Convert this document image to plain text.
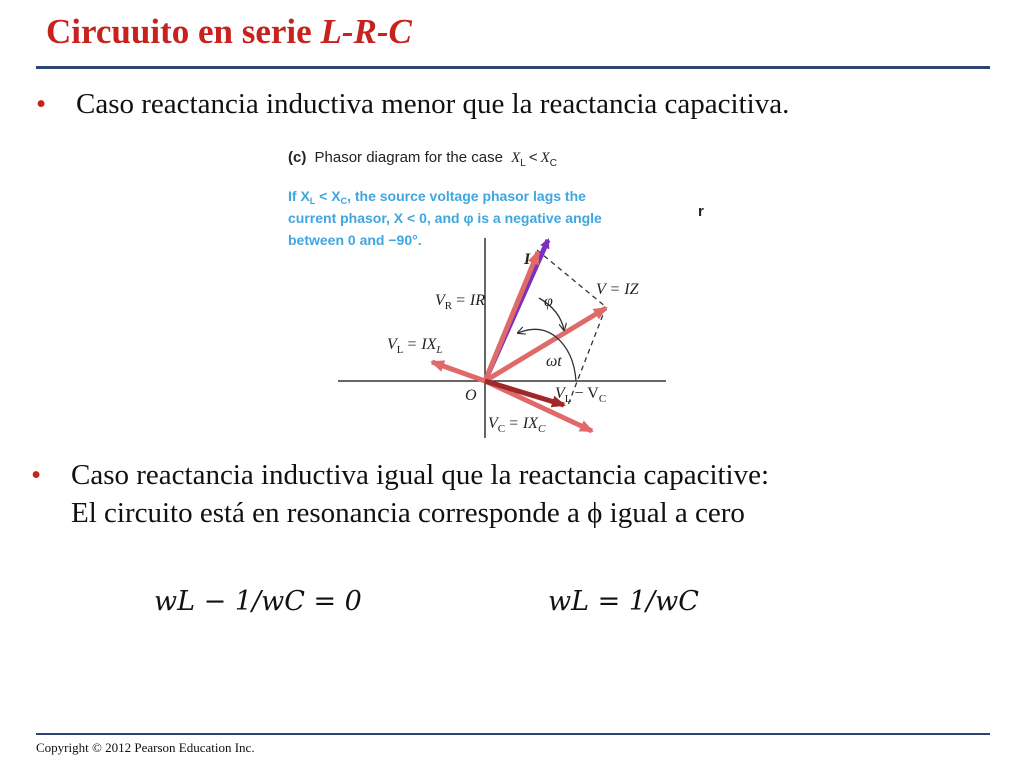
Circuuito en serie L-R-C
• Caso reactancia inductiva menor que la reactancia capacitiva.
(c) Phasor diagram for the case $X_L < X_C$
If $X_L < X_C$, the source voltage phasor lags the
current phasor, X < 0, and φ is a negative angle
between 0 and −90°.
r
I
V = IZ
$V_R$ = IR	φ
$V_L = IX_L$
ωt
O	$V_L - V_C$
$V_C = IX_C$
• Caso reactancia inductiva igual que la reactancia capacitive:
El circuito está en resonancia corresponde a ϕ igual a cero
wL − 1/wC = 0	wL = 1/wC
Copyright © 2012 Pearson Education Inc.
